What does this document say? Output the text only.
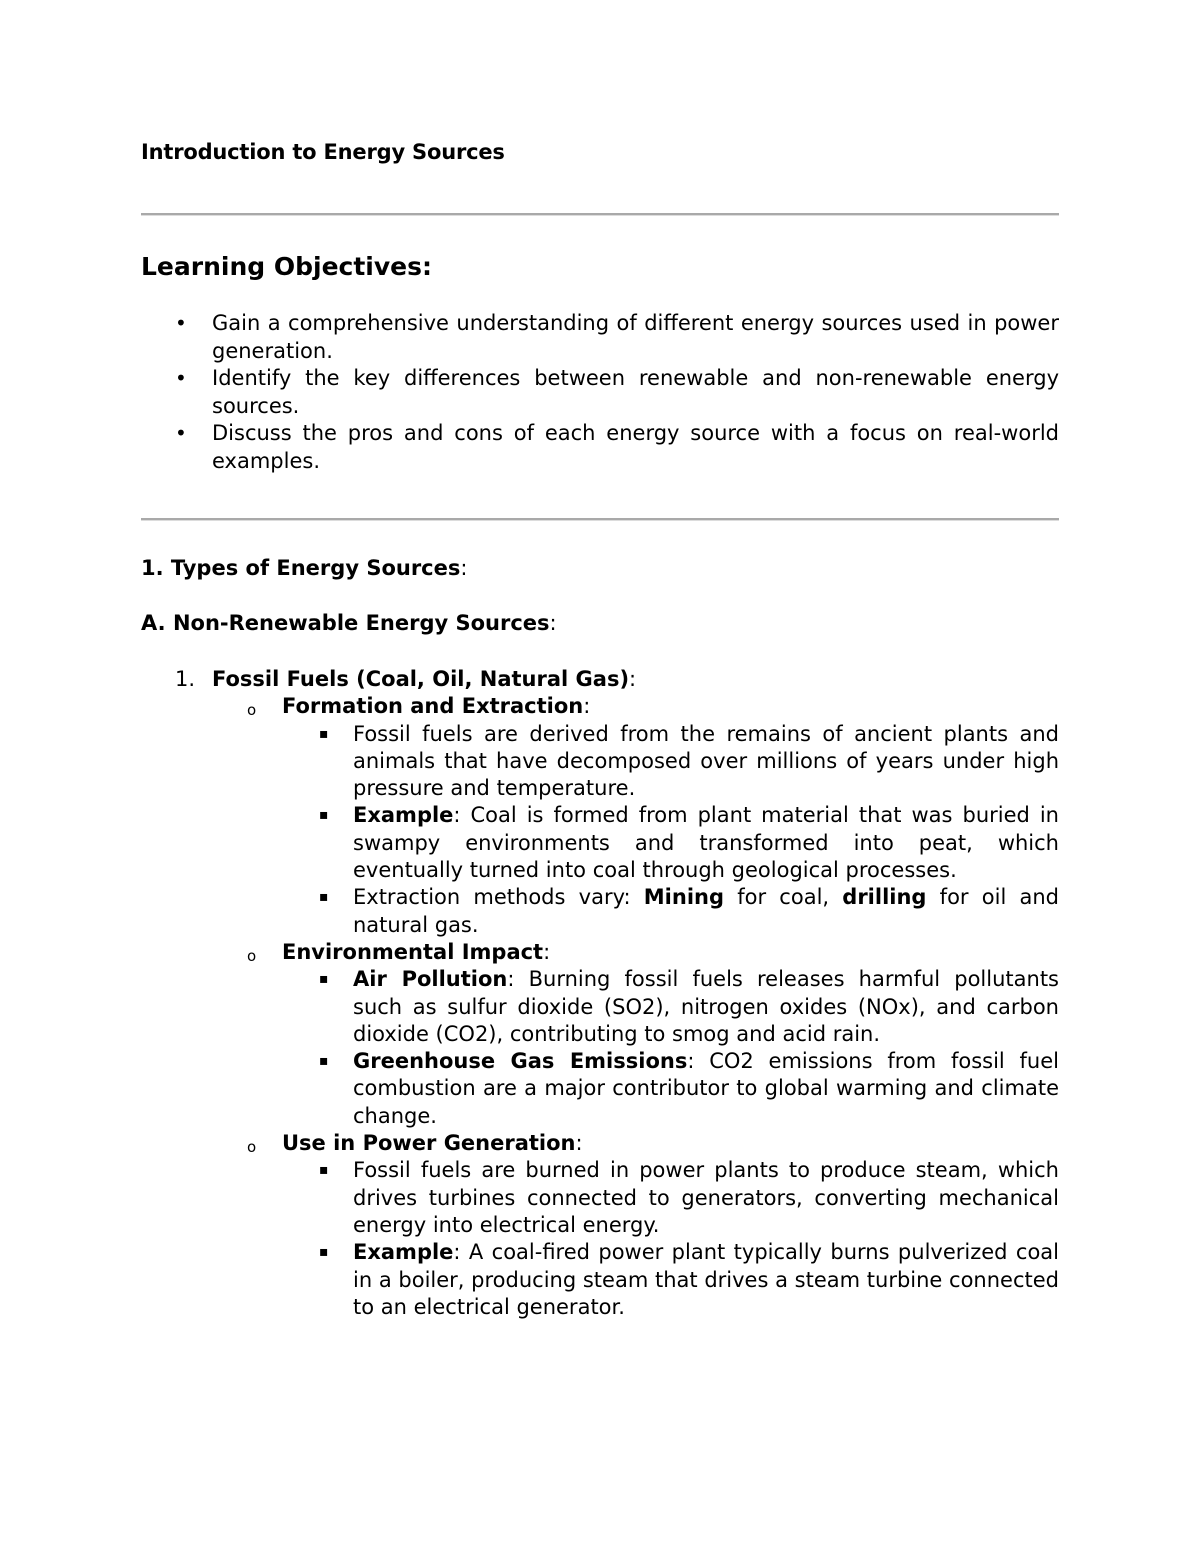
Introduction to Energy Sources
Learning Objectives:
• Gain a comprehensive understanding of different energy sources used in power generation.
• Identify the key differences between renewable and non-renewable energy sources.
• Discuss the pros and cons of each energy source with a focus on real-world examples.
1. Types of Energy Sources:
A. Non-Renewable Energy Sources:
1. Fossil Fuels (Coal, Oil, Natural Gas):
o Formation and Extraction:
▪ Fossil fuels are derived from the remains of ancient plants and animals that have decomposed over millions of years under high pressure and temperature.
▪ Example: Coal is formed from plant material that was buried in swampy environments and transformed into peat, which eventually turned into coal through geological processes.
▪ Extraction methods vary: Mining for coal, drilling for oil and natural gas.
o Environmental Impact:
▪ Air Pollution: Burning fossil fuels releases harmful pollutants such as sulfur dioxide (SO2), nitrogen oxides (NOx), and carbon dioxide (CO2), contributing to smog and acid rain.
▪ Greenhouse Gas Emissions: CO2 emissions from fossil fuel combustion are a major contributor to global warming and climate change.
o Use in Power Generation:
▪ Fossil fuels are burned in power plants to produce steam, which drives turbines connected to generators, converting mechanical energy into electrical energy.
▪ Example: A coal-fired power plant typically burns pulverized coal in a boiler, producing steam that drives a steam turbine connected to an electrical generator.
